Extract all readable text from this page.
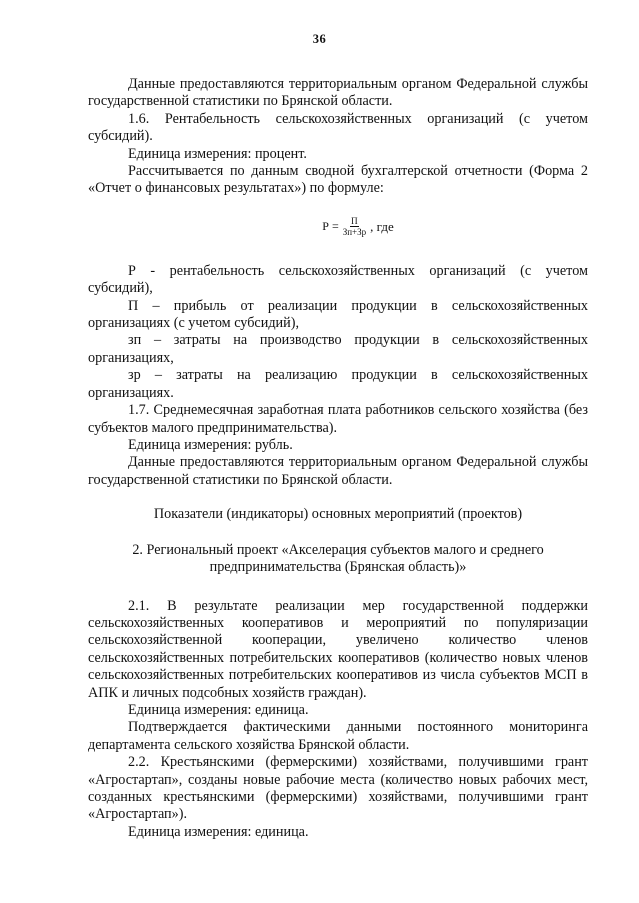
36

Данные предоставляются территориальным органом Федеральной службы государственной статистики по Брянской области.

1.6. Рентабельность сельскохозяйственных организаций (с учетом субсидий).

Единица измерения: процент.

Рассчитывается по данным сводной бухгалтерской отчетности (Форма 2 «Отчет о финансовых результатах») по формуле:

$Р = \frac{П}{Зп+Зр}$ , где

Р - рентабельность сельскохозяйственных организаций (с учетом субсидий),

П – прибыль от реализации продукции в сельскохозяйственных организациях (с учетом субсидий),

зп – затраты на производство продукции в сельскохозяйственных организациях,

зр – затраты на реализацию продукции в сельскохозяйственных организациях.

1.7. Среднемесячная заработная плата работников сельского хозяйства (без субъектов малого предпринимательства).

Единица измерения: рубль.

Данные предоставляются территориальным органом Федеральной службы государственной статистики по Брянской области.

Показатели (индикаторы) основных мероприятий (проектов)

2. Региональный проект «Акселерация субъектов малого и среднего предпринимательства (Брянская область)»

2.1. В результате реализации мер государственной поддержки сельскохозяйственных кооперативов и мероприятий по популяризации сельскохозяйственной кооперации, увеличено количество членов сельскохозяйственных потребительских кооперативов (количество новых членов сельскохозяйственных потребительских кооперативов из числа субъектов МСП в АПК и личных подсобных хозяйств граждан).

Единица измерения: единица.

Подтверждается фактическими данными постоянного мониторинга департамента сельского хозяйства Брянской области.

2.2. Крестьянскими (фермерскими) хозяйствами, получившими грант «Агростартап», созданы новые рабочие места (количество новых рабочих мест, созданных крестьянскими (фермерскими) хозяйствами, получившими грант «Агростартап»).

Единица измерения: единица.
